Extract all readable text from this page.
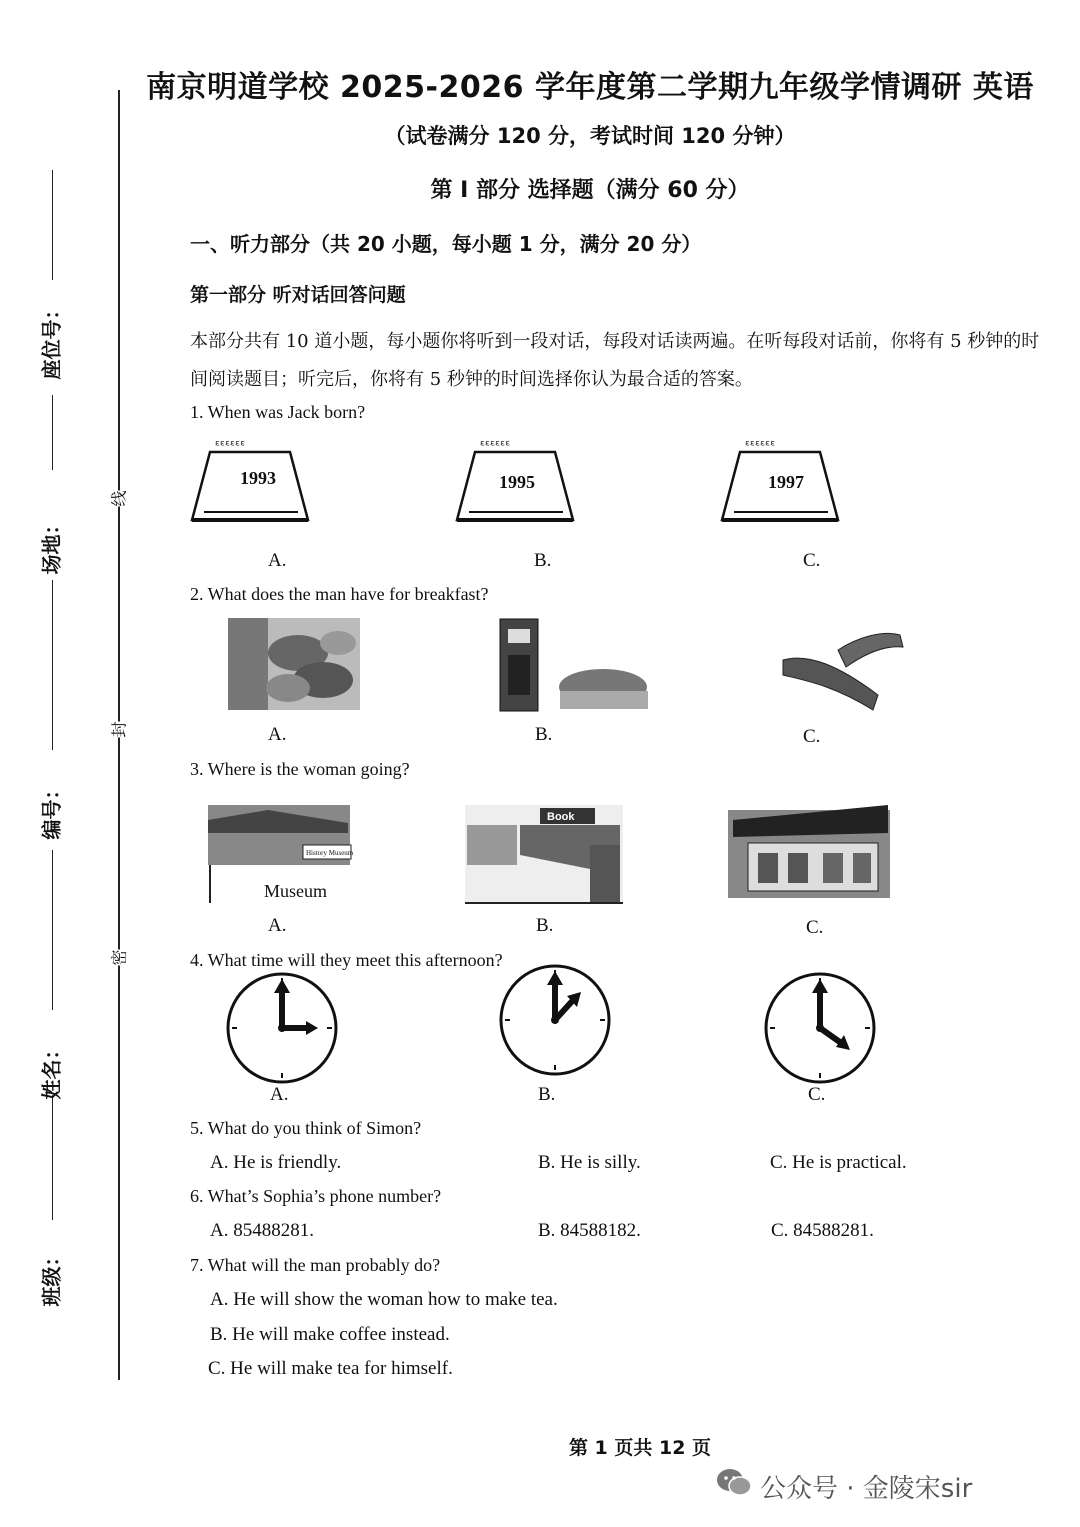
座位号：
场地：
编号：
姓名：
班级：
线
封
密
南京明道学校 2025-2026 学年度第二学期九年级学情调研 英语
（试卷满分 120 分，考试时间 120 分钟）
第 I 部分 选择题（满分 60 分）
一、听力部分（共 20 小题，每小题 1 分，满分 20 分）
第一部分 听对话回答问题
本部分共有 10 道小题，每小题你将听到一段对话，每段对话读两遍。在听每段对话前，你将有 5 秒钟的时间阅读题目；听完后，你将有 5 秒钟的时间选择你认为最合适的答案。
1. When was Jack born?
ᵋᵋᵋᵋᵋᵋ
1993
ᵋᵋᵋᵋᵋᵋ
1995
ᵋᵋᵋᵋᵋᵋ
1997
A.	B.	C.
2. What does the man have for breakfast?
A.	B.	C.
3. Where is the woman going?
History Museum
Museum
Book
A.	B.	C.
4. What time will they meet this afternoon?
A.	B.	C.
5. What do you think of Simon?
A. He is friendly.	B. He is silly.	C. He is practical.
6. What’s Sophia’s phone number?
A. 85488281.	B. 84588182.	C. 84588281.
7. What will the man probably do?
A. He will show the woman how to make tea.
B. He will make coffee instead.
C. He will make tea for himself.
第 1 页共 12 页
公众号 · 金陵宋sir
